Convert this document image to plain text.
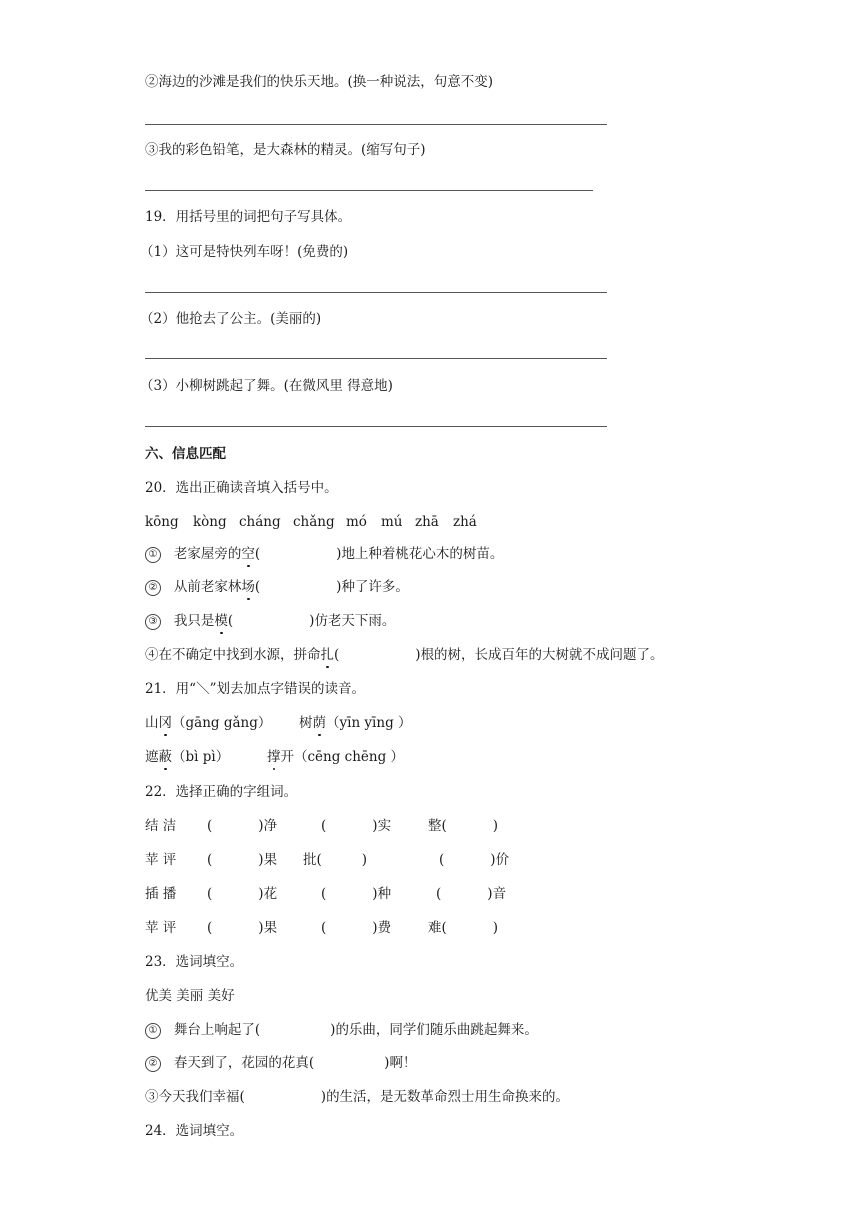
②海边的沙滩是我们的快乐天地。(换一种说法，句意不变)
③我的彩色铅笔，是大森林的精灵。(缩写句子)
19．用括号里的词把句子写具体。
（1）这可是特快列车呀！(免费的)
（2）他抢去了公主。(美丽的)
（3）小柳树跳起了舞。(在微风里 得意地)
六、信息匹配
20．选出正确读音填入括号中。
kōng kòng cháng chǎng mó mú zhā zhá
① 老家屋旁的空(	)地上种着桃花心木的树苗。
② 从前老家林场(	)种了许多。
③ 我只是模(	)仿老天下雨。
④在不确定中找到水源，拼命扎(	)根的树，长成百年的大树就不成问题了。
21．用“＼”划去加点字错误的读音。
山冈（gāng gǎng） 树荫（yīn yīng ）
遮蔽（bì pì）	撑开（cēng chēng ）
22．选择正确的字组词。
结 洁 (	)净	(	)实	整(	)
苹 评 (	)果 批(	)	(	)价
插 播 (	)花	(	)种	(	)音
苹 评 (	)果	(	)费	难(	)
23．选词填空。
优美 美丽 美好
① 舞台上响起了(	)的乐曲，同学们随乐曲跳起舞来。
② 春天到了，花园的花真(	)啊！
③今天我们幸福(	)的生活，是无数革命烈士用生命换来的。
24．选词填空。
